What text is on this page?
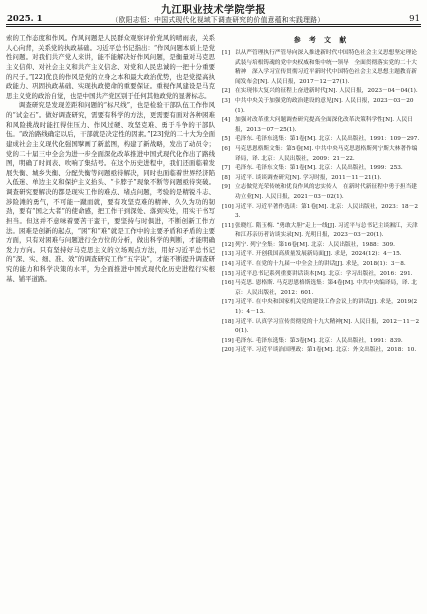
九江职业技术学院学报
2025. 1	（欧阳志恒：中国式现代化视域下调查研究的价值意蕴和实践理路）	91

索的工作态度和作风。作风问题是人民群众观察评价党风的晴雨表，关系人心向背，关系党的执政基础。习近平总书记指出：“作风问题本质上是党性问题。对我们共产党人来讲，能不能解决好作风问题，是衡量对马克思主义信仰、对社会主义和共产主义信念、对党和人民忠诚的一把十分重要的尺子。”[22]优良的作风是党的立身之本和最大政治优势，也是党提高执政能力、巩固执政基础、实现执政使命的重要保证。重视作风建设是马克思主义党的政治自觉，也是中国共产党区别于任何其他政党的显著标志。

调查研究是发现差距和问题的“标尺线”，也是检验干部队伍工作作风的“试金石”。做好调查研究，需要有科学的方法，更需要有面对各种困难和风险挑战时能扛得住压力、作风过硬、攻坚克难、勇于斗争的干部队伍。“政治路线确定以后，干部就是决定性的因素。”[23]党的二十大为全面建成社会主义现代化强国擘画了新蓝图，构建了新战略，发出了动员令；党的二十届三中全会为进一步全面深化改革推进中国式现代化作出了路线图，明确了时间表、吹响了集结号。在这个历史进程中，我们还面临着发展失衡、城乡失衡、分配失衡等问题亟待解决，同时也面临着世界经济陷入低迷、单边主义和保护主义抬头、“卡脖子”现象不断等问题亟待突破。调查研究要解决的都是现实工作的难点、堵点问题，考验的是精锐斗志、涉险滩的勇气，不可能一蹴而就，要有攻坚克难的精神、久久为功的韧劲，要有“国之大者”的使命感，把工作干到深处、落到实处，用实干书写担当。但这并不意味着要苦干蛮干，要坚持与时俱进，不断创新工作方法。困难是创新的起点，“困”和“难”就是工作中的主要矛盾和矛盾的主要方面，只有对困难与问题进行全方位的分析，做出科学的判断，才能明确发力方向。只有坚持好马克思主义的立场观点方法，用好习近平总书记的“深、实、细、准、效”的调查研究工作“五字诀”，才能不断提升调查研究的能力和科学决策的水平，为全面推进中国式现代化历史进程行实根基、铺平道路。

参 考 文 献
[1] 以从严管理执行严管导向深入推进新时代中国特色社会主义思想坚定理论武装与培根铸魂的党中央权威和集中统一领导　全面贯彻落实党的二十大精神　深入学习宣传贯彻习近平新时代中国特色社会主义思想主题教育新闻发布会[N]. 人民日报，2017－12－27(1).
[2] 在实现伟大复兴的征程上奋进新时代[N]. 人民日报，2023－04－04(1).
[3] 中共中央关于加强党的政治建设的意见[N]. 人民日报，2023－03－20(1).
[4] 加强对改革重大问题调查研究提高全面深化改革决策科学性[N]. 人民日报，2013－07－25(1).
[5] 毛泽东. 毛泽东选集：第1卷[M]. 北京：人民出版社，1991：109－297.
[6] 马克思恩格斯文集：第5卷[M]. 中共中央马克思恩格斯列宁斯大林著作编译局，译. 北京：人民出版社，2009：21－22.
[7] 毛泽东. 毛泽东文集：第1卷[M]. 北京：人民出版社，1999：253.
[8] 习近平. 谈谈调查研究[N]. 学习时报，2011－11－21(1).
[9] 立志做党光荣传统和优良作风的忠实传人　在新时代新征程中勇于担当建功立业[N]. 人民日报，2021－03－02(1).
[10] 习近平. 习近平著作选读：第1卷[M]. 北京：人民出版社，2023：18－23.
[11] 张晓红. 隋玉梅. “勇敢大胆”走上一线[J]. 习近平与总书记主谈湘江，天津和江苏亲历者访谈实录[N]. 光明日报，2023－03－20(1).
[12] 列宁. 列宁全集：第16卷[M]. 北京：人民出版社，1988：309.
[13] 习近平. 开创我国高质量发展新局面[J]. 求是，2024(12)：4－15.
[14] 习近平. 在党的十九届一中全会上的讲话[J]. 求是，2018(1)：3－8.
[15] 习近平总书记系列重要讲话读本[M]. 北京：学习出版社，2016：291.
[16] 马克思. 恩格斯. 马克思恩格斯选集：第4卷[M]. 中共中央编译局，译. 北京：人民出版社，2012：601.
[17] 习近平. 在中央和国家机关党的建设工作会议上的讲话[J]. 求是，2019(21)：4－13.
[18] 习近平. 认真学习宣传贯彻党的十九大精神[N]. 人民日报，2012－11－20(1).
[19] 毛泽东. 毛泽东选集：第3卷[M]. 北京：人民出版社，1991：839.
[20] 习近平. 习近平谈治国理政：第1卷[M]. 北京：外文出版社，2018：10.
